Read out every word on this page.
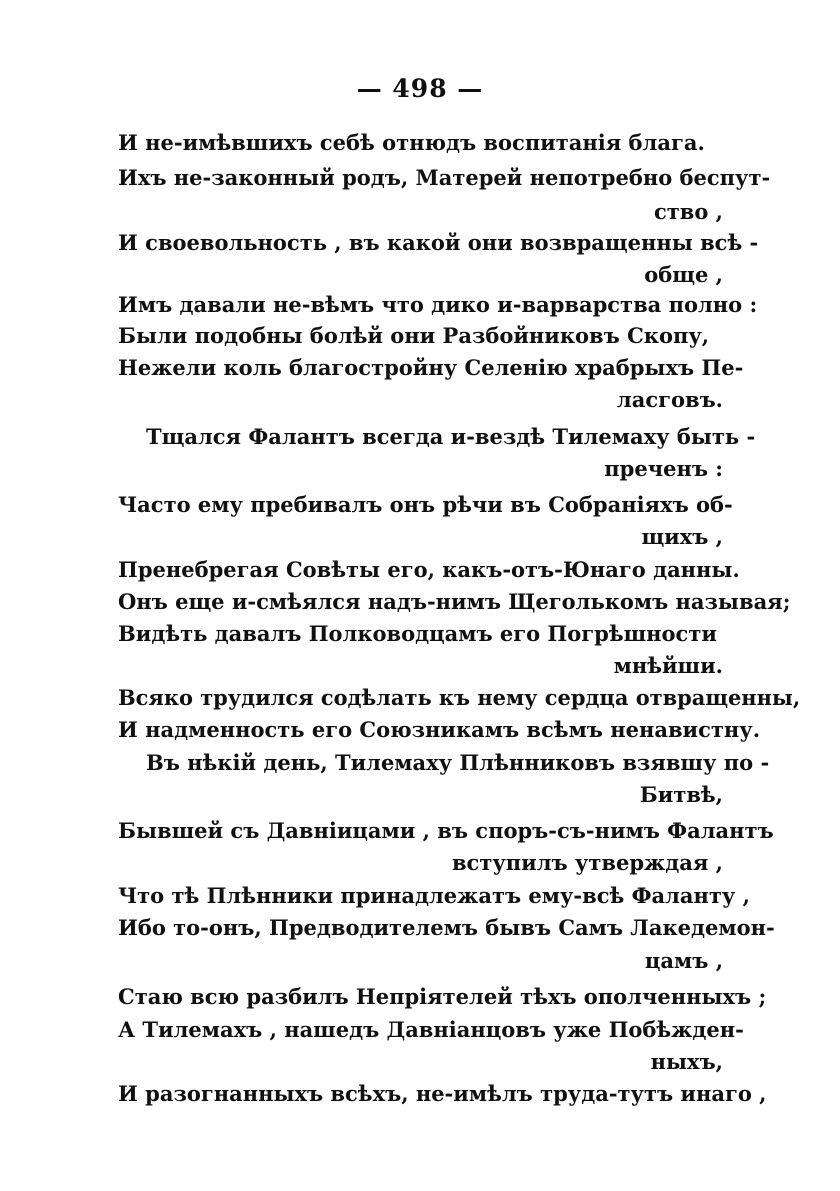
— 498 —
И не-имѣвшихъ себѣ отнюдъ воспитанія блага.
Ихъ не-законный родъ, Матерей непотребно беспут-
ство ,
И своевольность , въ какой они возвращенны всѣ -
обще ,
Имъ давали не-вѣмъ что дико и-варварства полно :
Были подобны болѣй они Разбойниковъ Скопу,
Нежели коль благостройну Селенію храбрыхъ Пе-
ласговъ.
Тщался Фалантъ всегда и-вездѣ Тилемаху быть -
преченъ :
Часто ему пребивалъ онъ рѣчи въ Собраніяхъ об-
щихъ ,
Пренебрегая Совѣты его, какъ-отъ-Юнаго данны.
Онъ еще и-смѣялся надъ-нимъ Щеголькомъ называя;
Видѣть давалъ Полководцамъ его Погрѣшности
мнѣйши.
Всяко трудился содѣлать къ нему сердца отвращенны,
И надменность его Союзникамъ всѣмъ ненавистну.
Въ нѣкій день, Тилемаху Плѣнниковъ взявшу по -
Битвѣ,
Бывшей съ Давніицами , въ споръ-съ-нимъ Фалантъ
вступилъ утверждая ,
Что тѣ Плѣнники принадлежатъ ему-всѣ Фаланту ,
Ибо то-онъ, Предводителемъ бывъ Самъ Лакедемон-
цамъ ,
Стаю всю разбилъ Непріятелей тѣхъ ополченныхъ ;
А Тилемахъ , нашедъ Давніанцовъ уже Побѣжден-
ныхъ,
И разогнанныхъ всѣхъ, не-имѣлъ труда-тутъ инаго ,
